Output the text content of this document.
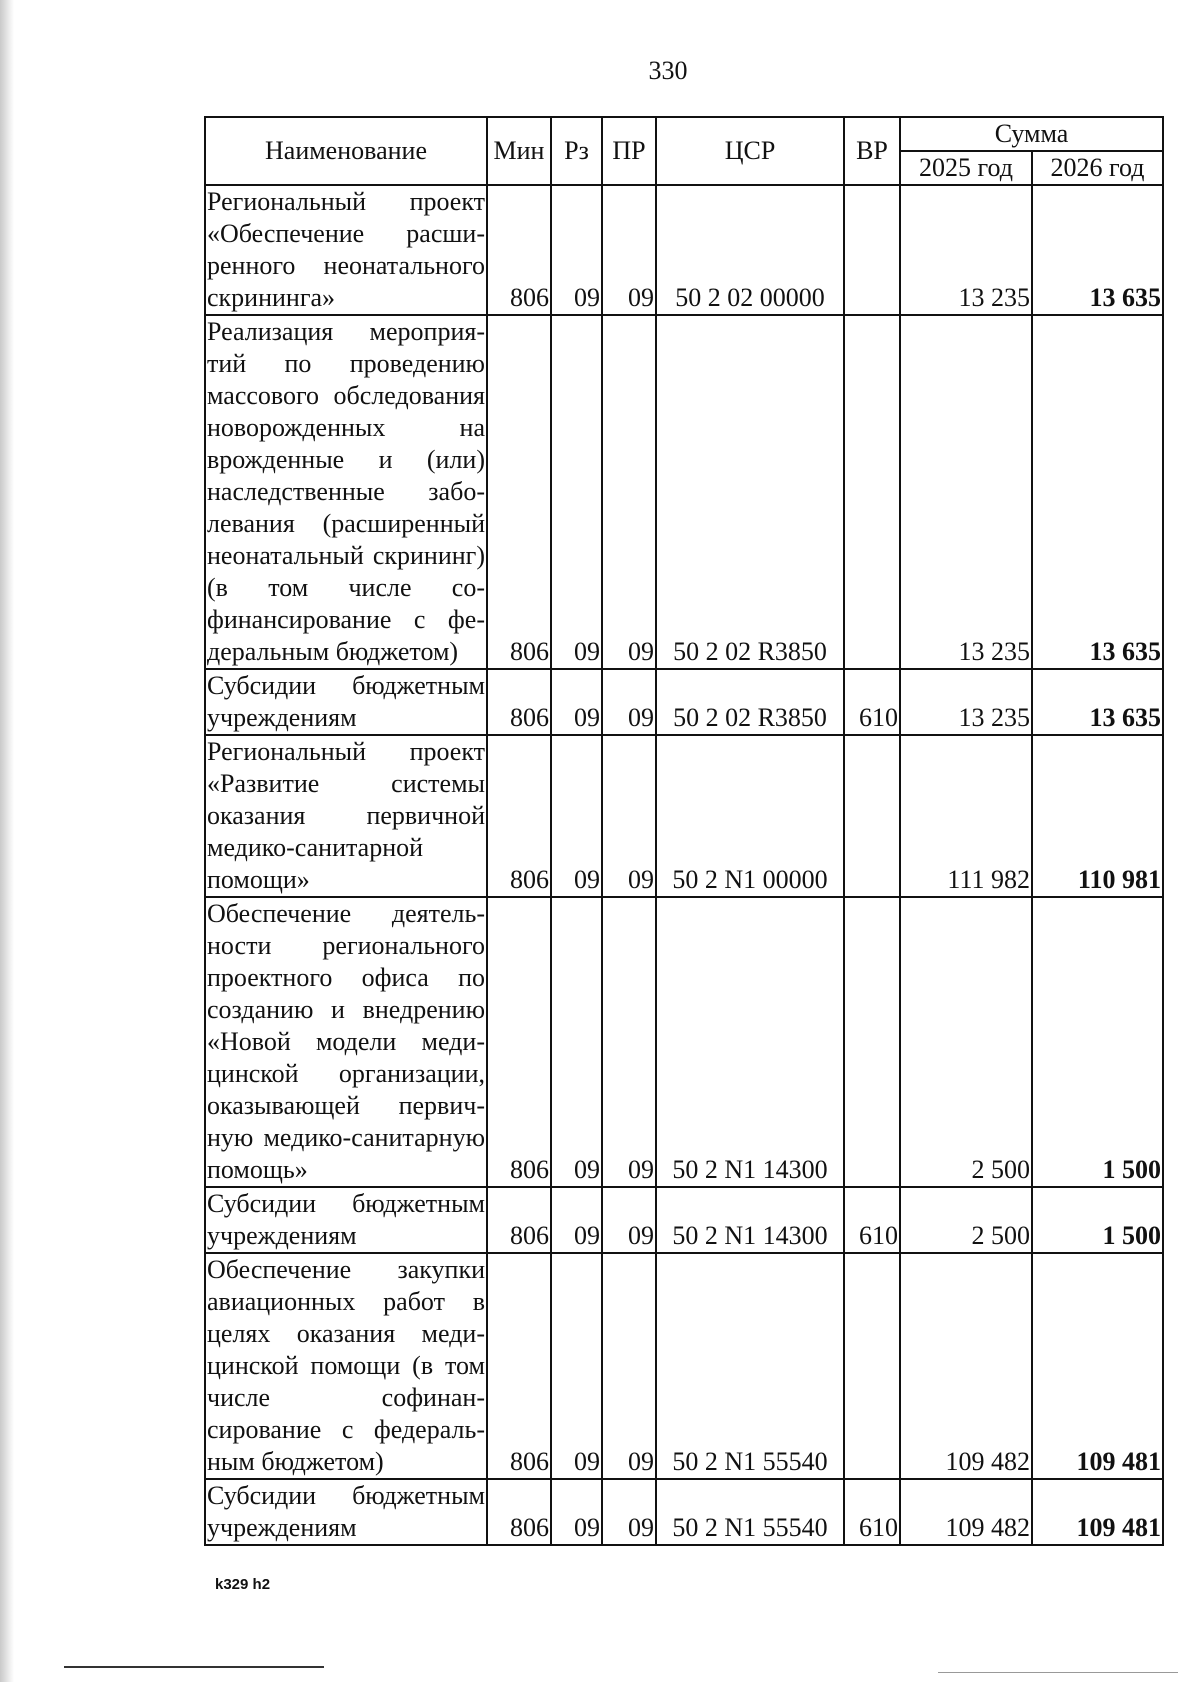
330
Наименование	Мин	Рз	ПР	ЦСР	ВР	Сумма	
						2025 год	2026 год
Региональный проект «Обеспечение расширенного неонатального скрининга»	806	09	09	50 2 02 00000		13 235	13 635
Реализация мероприятий по проведению массового обследования новорожденных на врожденные и (или) наследственные заболевания (расширенный неонатальный скрининг) (в том числе софинансирование с федеральным бюджетом)	806	09	09	50 2 02 R3850		13 235	13 635
Субсидии бюджетным учреждениям	806	09	09	50 2 02 R3850	610	13 235	13 635
Региональный проект «Развитие системы оказания первичной медико-санитарной помощи»	806	09	09	50 2 N1 00000		111 982	110 981
Обеспечение деятельности регионального проектного офиса по созданию и внедрению «Новой модели медицинской организации, оказывающей первичную медико-санитарную помощь»	806	09	09	50 2 N1 14300		2 500	1 500
Субсидии бюджетным учреждениям	806	09	09	50 2 N1 14300	610	2 500	1 500
Обеспечение закупки авиационных работ в целях оказания медицинской помощи (в том числе софинансирование с федеральным бюджетом)	806	09	09	50 2 N1 55540		109 482	109 481
Субсидии бюджетным учреждениям	806	09	09	50 2 N1 55540	610	109 482	109 481
k329 h2
